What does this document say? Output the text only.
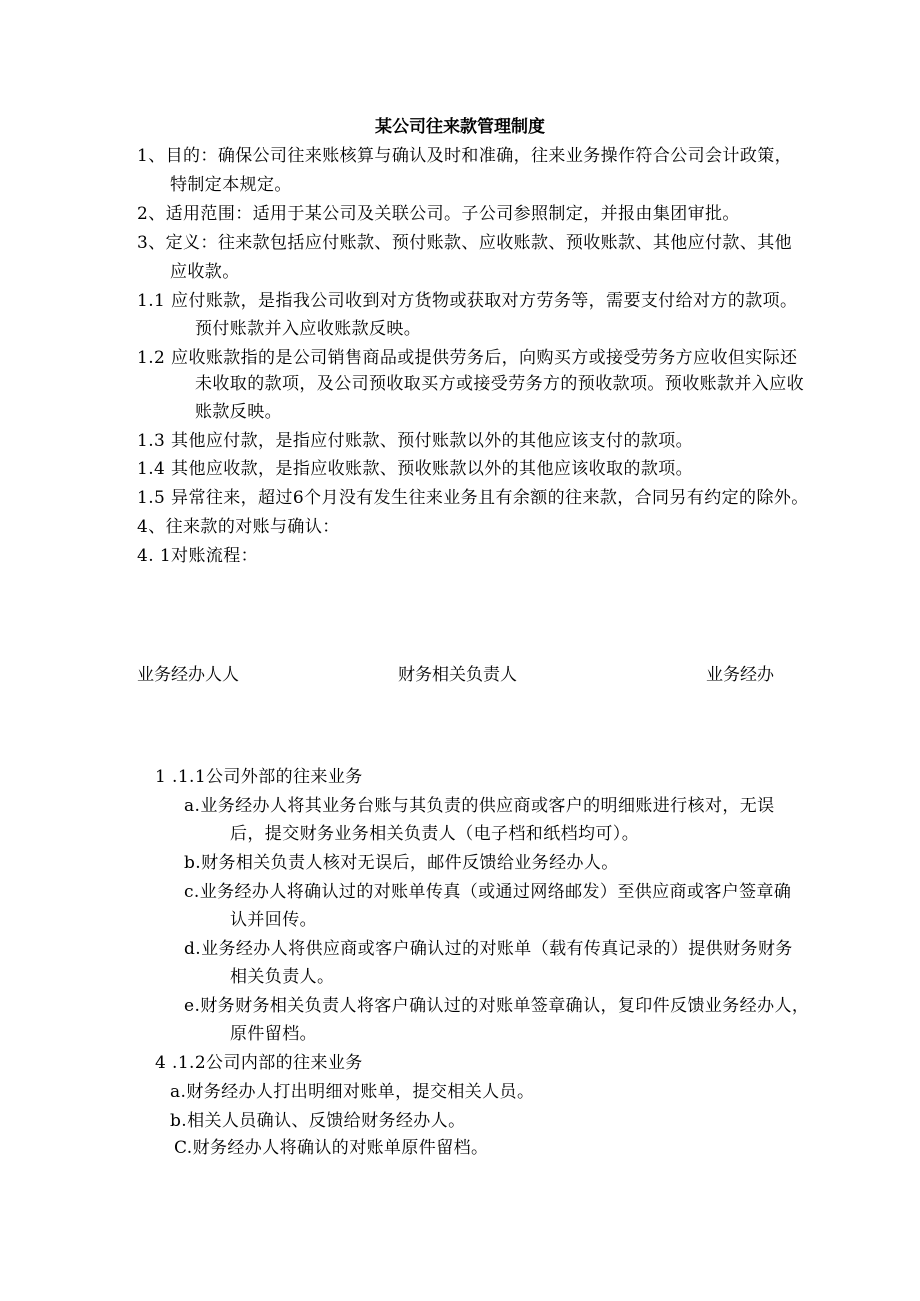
某公司往来款管理制度
1、目的：确保公司往来账核算与确认及时和准确，往来业务操作符合公司会计政策，
特制定本规定。
2、适用范围：适用于某公司及关联公司。子公司参照制定，并报由集团审批。
3、定义：往来款包括应付账款、预付账款、应收账款、预收账款、其他应付款、其他
应收款。
1.1 应付账款，是指我公司收到对方货物或获取对方劳务等，需要支付给对方的款项。
预付账款并入应收账款反映。
1.2 应收账款指的是公司销售商品或提供劳务后，向购买方或接受劳务方应收但实际还
未收取的款项，及公司预收取买方或接受劳务方的预收款项。预收账款并入应收
账款反映。
1.3 其他应付款，是指应付账款、预付账款以外的其他应该支付的款项。
1.4 其他应收款，是指应收账款、预收账款以外的其他应该收取的款项。
1.5 异常往来，超过6个月没有发生往来业务且有余额的往来款，合同另有约定的除外。
4、往来款的对账与确认：
4. 1对账流程：
业务经办人人	财务相关负责人	业务经办
1 .1.1公司外部的往来业务
a.业务经办人将其业务台账与其负责的供应商或客户的明细账进行核对，无误
后，提交财务业务相关负责人（电子档和纸档均可）。
b.财务相关负责人核对无误后，邮件反馈给业务经办人。
c.业务经办人将确认过的对账单传真（或通过网络邮发）至供应商或客户签章确
认并回传。
d.业务经办人将供应商或客户确认过的对账单（载有传真记录的）提供财务财务
相关负责人。
e.财务财务相关负责人将客户确认过的对账单签章确认，复印件反馈业务经办人，
原件留档。
4 .1.2公司内部的往来业务
a.财务经办人打出明细对账单，提交相关人员。
b.相关人员确认、反馈给财务经办人。
C.财务经办人将确认的对账单原件留档。
